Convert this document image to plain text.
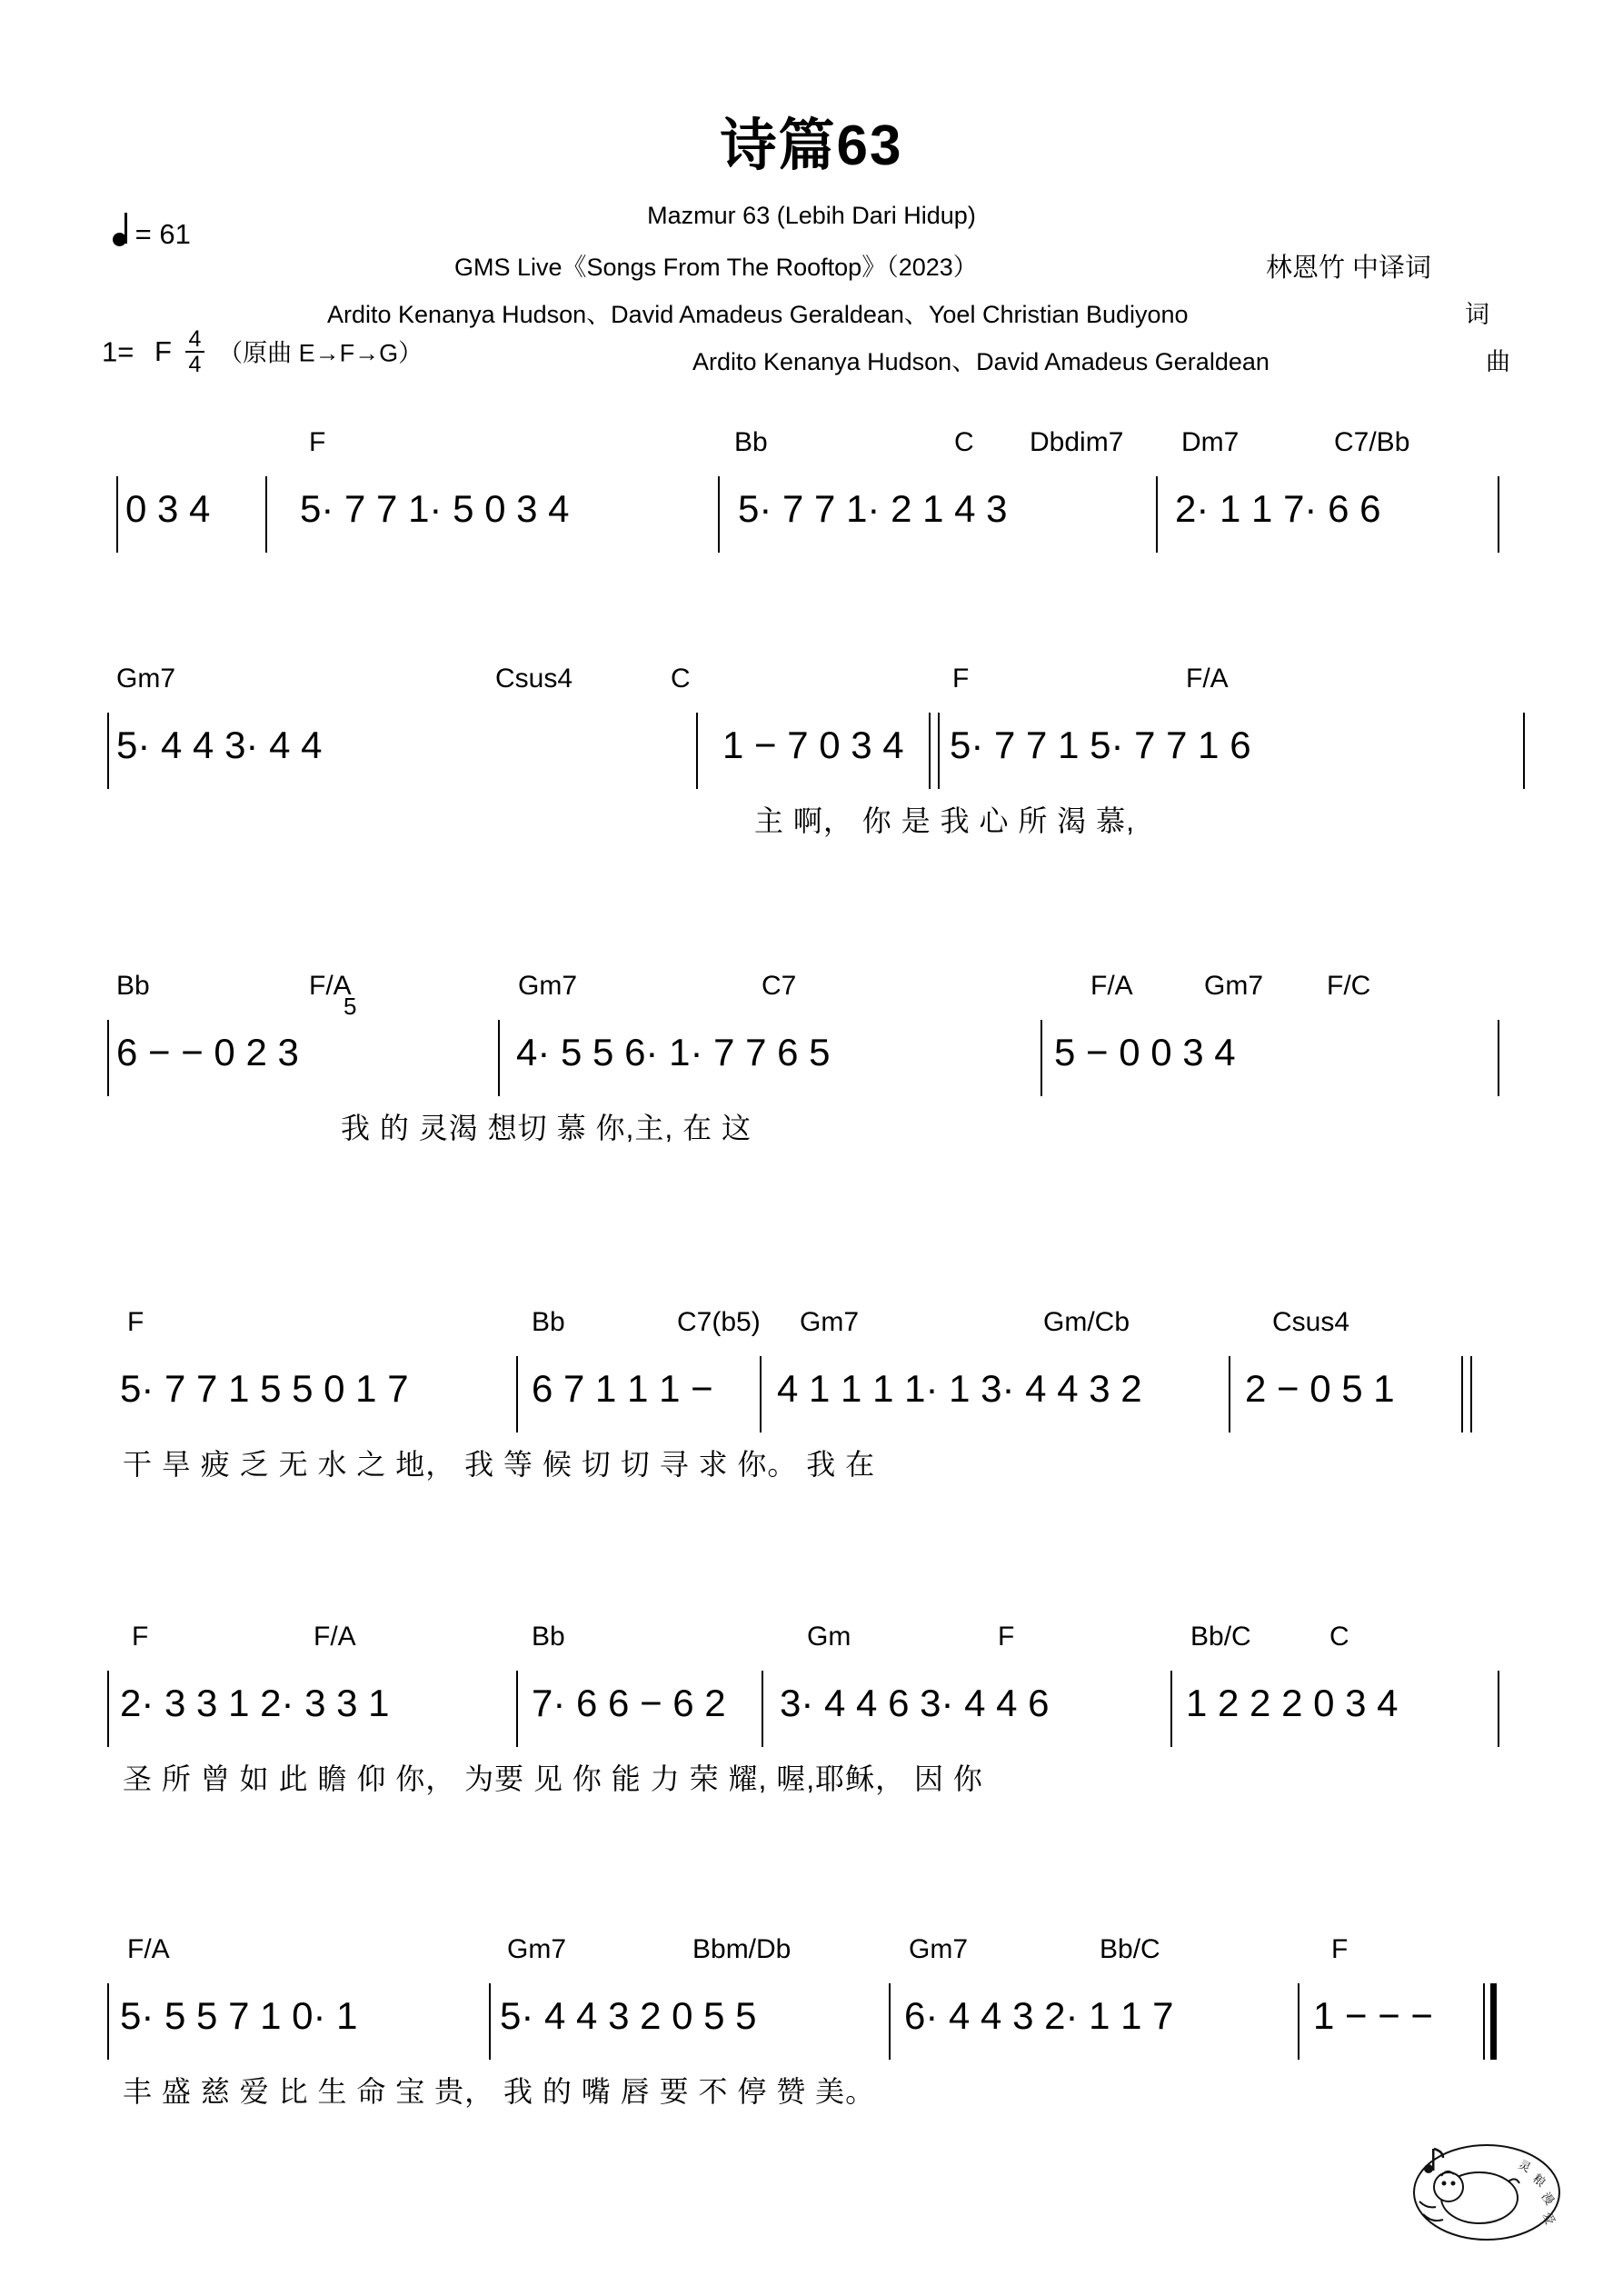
诗篇63
Mazmur 63 (Lebih Dari Hidup)
GMS Live《Songs From The Rooftop》（2023）
Ardito Kenanya Hudson、David Amadeus Geraldean、Yoel Christian Budiyono
Ardito Kenanya Hudson、David Amadeus Geraldean
林恩竹 中译词
词
曲
= 61
1= F $\frac{4}{4}$ （原曲 E→F→G）
F	Bb	C Dbdim7 Dm7	C7/Bb
0 3 4 5· 7 7 1· 5 0 3 4	5· 7 7 1· 2 1 4 3	2· 1 1 7· 6 6
Gm7	Csus4	C	F	F/A
5· 4 4 3· 4 4	1 − 7 0 3 4 5· 7 7 1 5· 7 7 1 6
主 啊， 你 是 我 心 所 渴 慕,
Bb	F/A	Gm7	C7	F/A	Gm7 F/C
6 − − 0 2 3	4· 5 5 6· 1· 7 7 6 5	5 − 0 0 3 4
5
我 的 灵渴 想切 慕 你,主, 在 这
F	Bb	C7(b5) Gm7	Gm/Cb	Csus4
5· 7 7 1 5 5 0 1 7	6 7 1 1 1 − 4 1 1 1 1· 1 3· 4 4 3 2	2 − 0 5 1
干 旱 疲 乏 无 水 之 地， 我 等 候 切 切 寻 求 你。 我 在
F	F/A	Bb	Gm	F	Bb/C	C
2· 3 3 1 2· 3 3 1	7· 6 6 − 6 2 3· 4 4 6 3· 4 4 6	1 2 2 2 0 3 4
圣 所 曾 如 此 瞻 仰 你， 为要 见 你 能 力 荣 耀, 喔,耶稣， 因 你
F/A	Gm7	Bbm/Db	Gm7	Bb/C	F
5· 5 5 7 1 0· 1	5· 4 4 3 2 0 5 5	6· 4 4 3 2· 1 1 7	1 − − −
丰 盛 慈 爱 比 生 命 宝 贵， 我 的 嘴 唇 要 不 停 赞 美。
灵
粮
漫
爱
